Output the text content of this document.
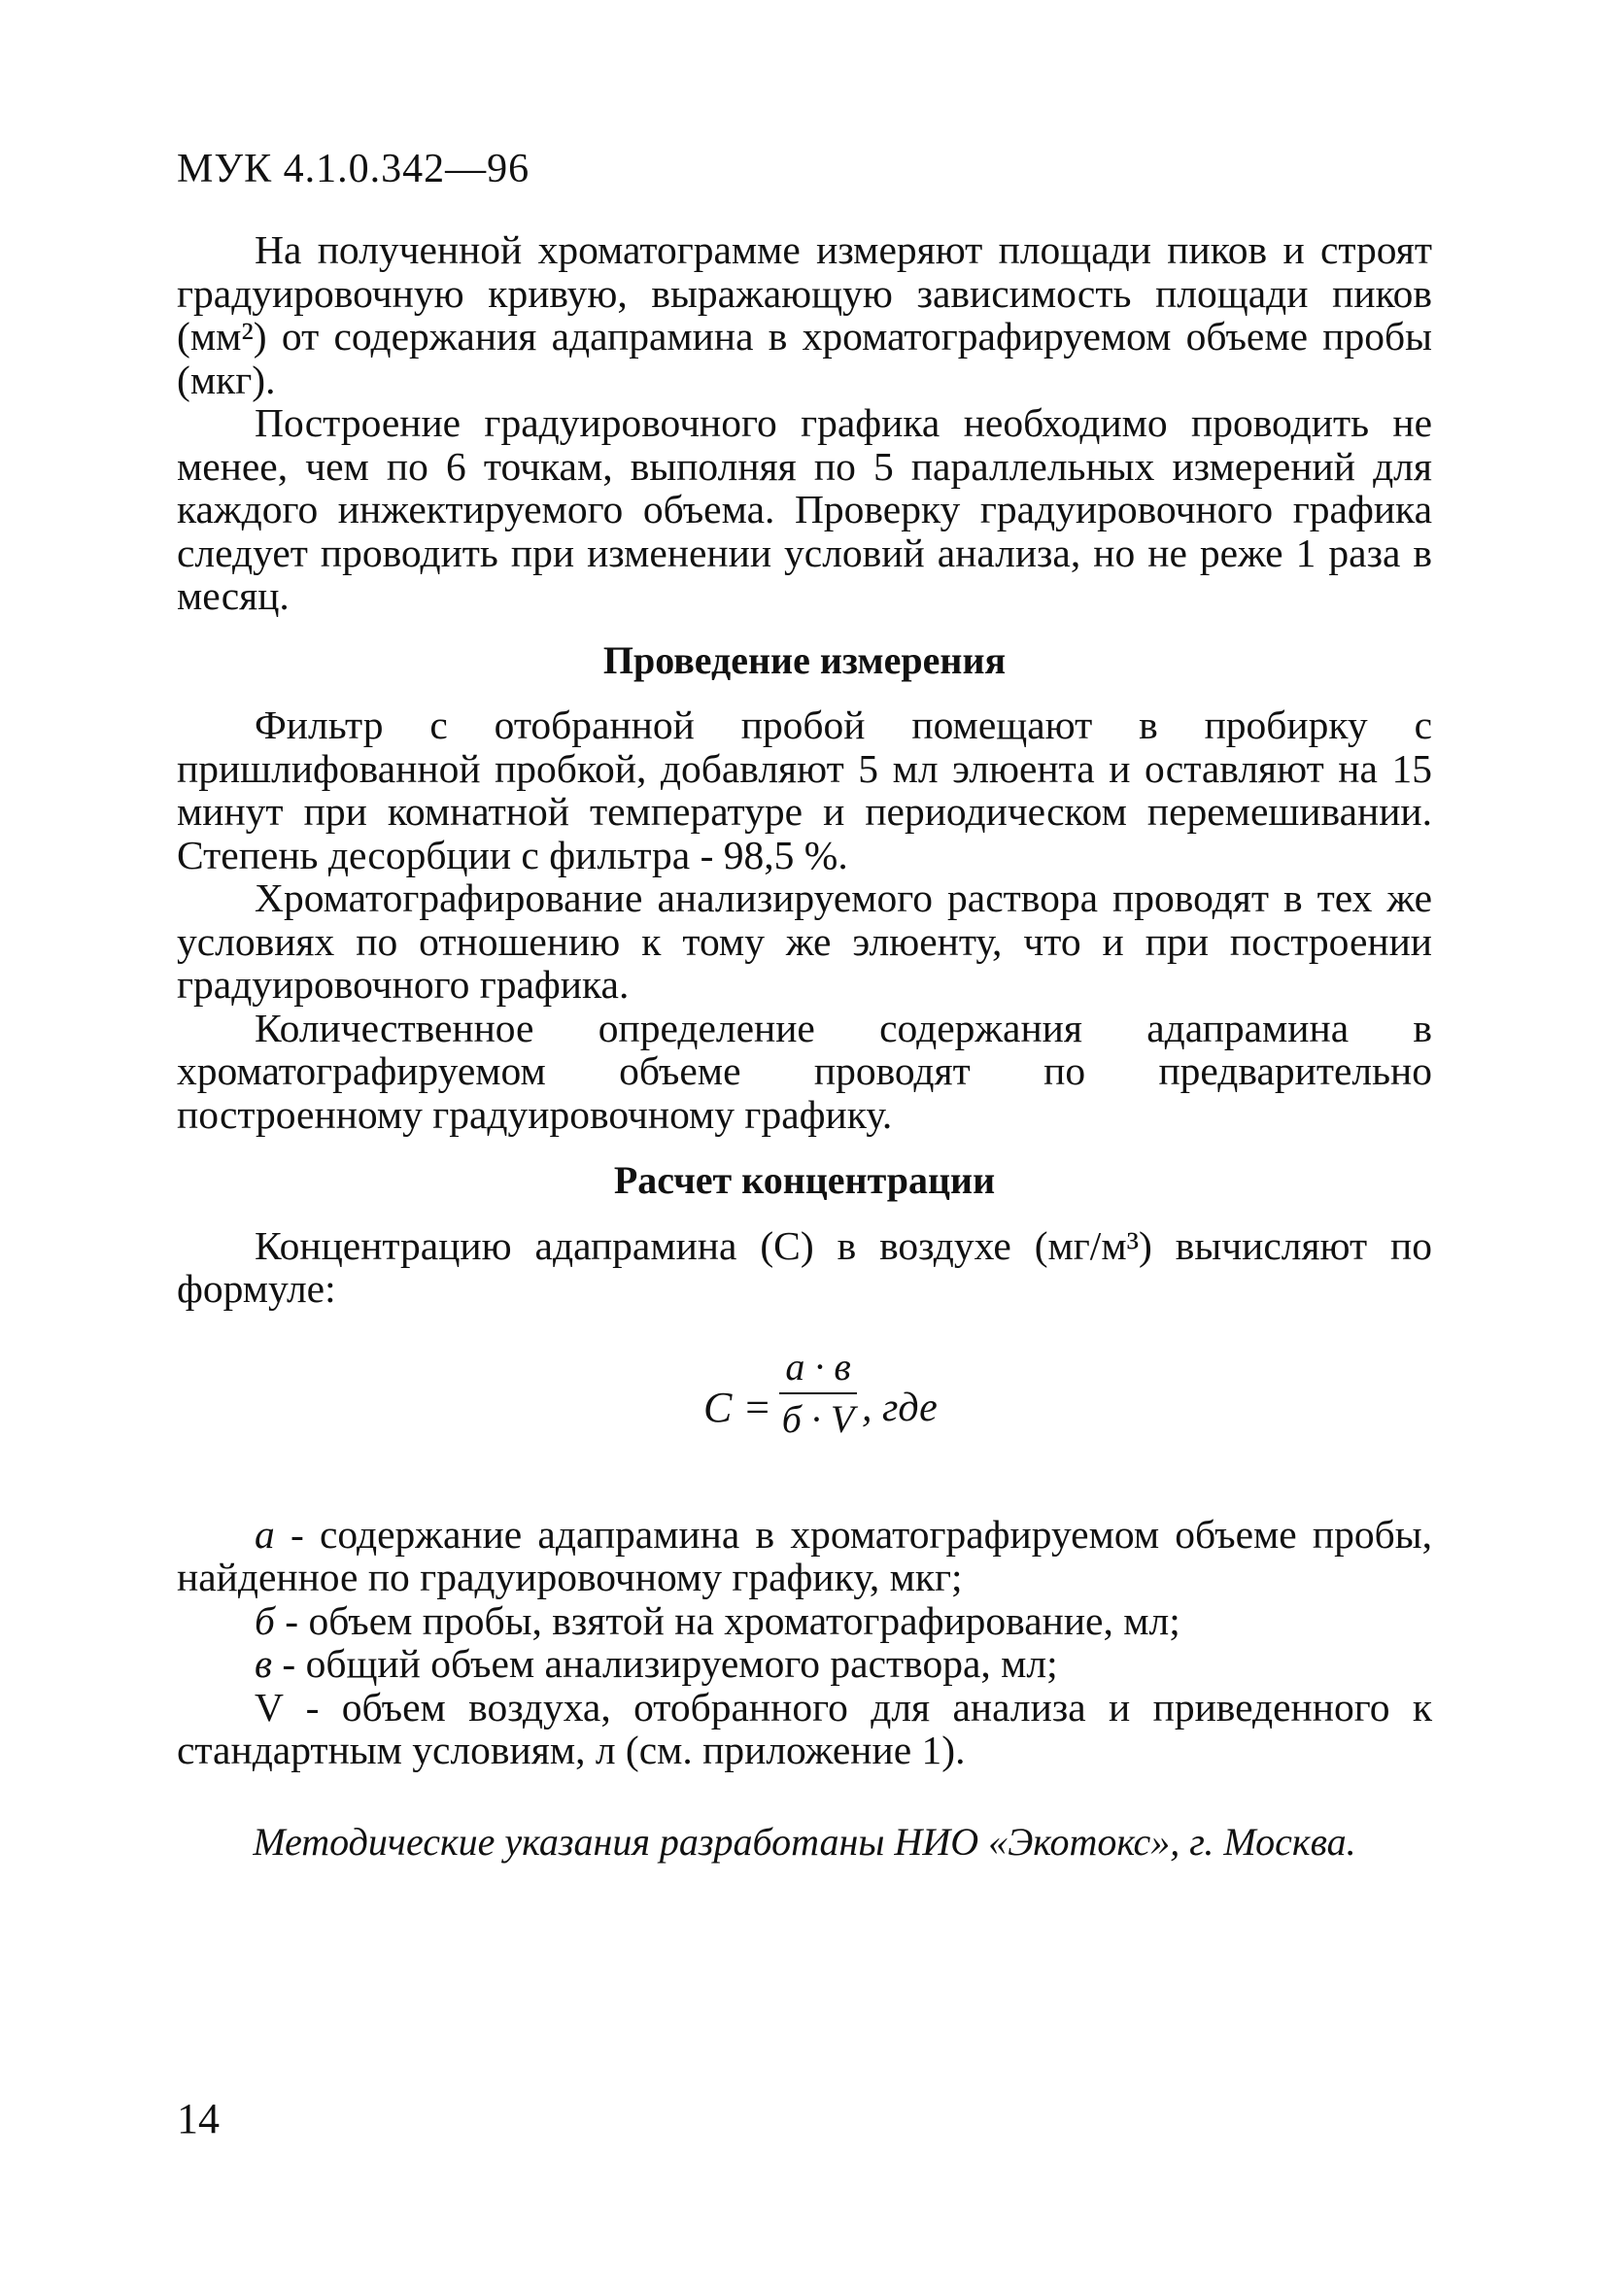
МУК 4.1.0.342—96

На полученной хроматограмме измеряют площади пиков и строят градуировочную кривую, выражающую зависимость площади пиков (мм²) от содержания адапрамина в хроматографируемом объеме пробы (мкг).

Построение градуировочного графика необходимо проводить не менее, чем по 6 точкам, выполняя по 5 параллельных измерений для каждого инжектируемого объема. Проверку градуировочного графика следует проводить при изменении условий анализа, но не реже 1 раза в месяц.

Проведение измерения

Фильтр с отобранной пробой помещают в пробирку с пришлифованной пробкой, добавляют 5 мл элюента и оставляют на 15 минут при комнатной температуре и периодическом перемешивании. Степень десорбции с фильтра - 98,5 %.

Хроматографирование анализируемого раствора проводят в тех же условиях по отношению к тому же элюенту, что и при построении градуировочного графика.

Количественное определение содержания адапрамина в хроматографируемом объеме проводят по предварительно построенному градуировочному графику.

Расчет концентрации

Концентрацию адапрамина (С) в воздухе (мг/м³) вычисляют по формуле:

С =
а · в
б · V , где

а - содержание адапрамина в хроматографируемом объеме пробы, найденное по градуировочному графику, мкг;

б - объем пробы, взятой на хроматографирование, мл;

в - общий объем анализируемого раствора, мл;

V - объем воздуха, отобранного для анализа и приведенного к стандартным условиям, л (см. приложение 1).

Методические указания разработаны НИО «Экотокс», г. Москва.
14
